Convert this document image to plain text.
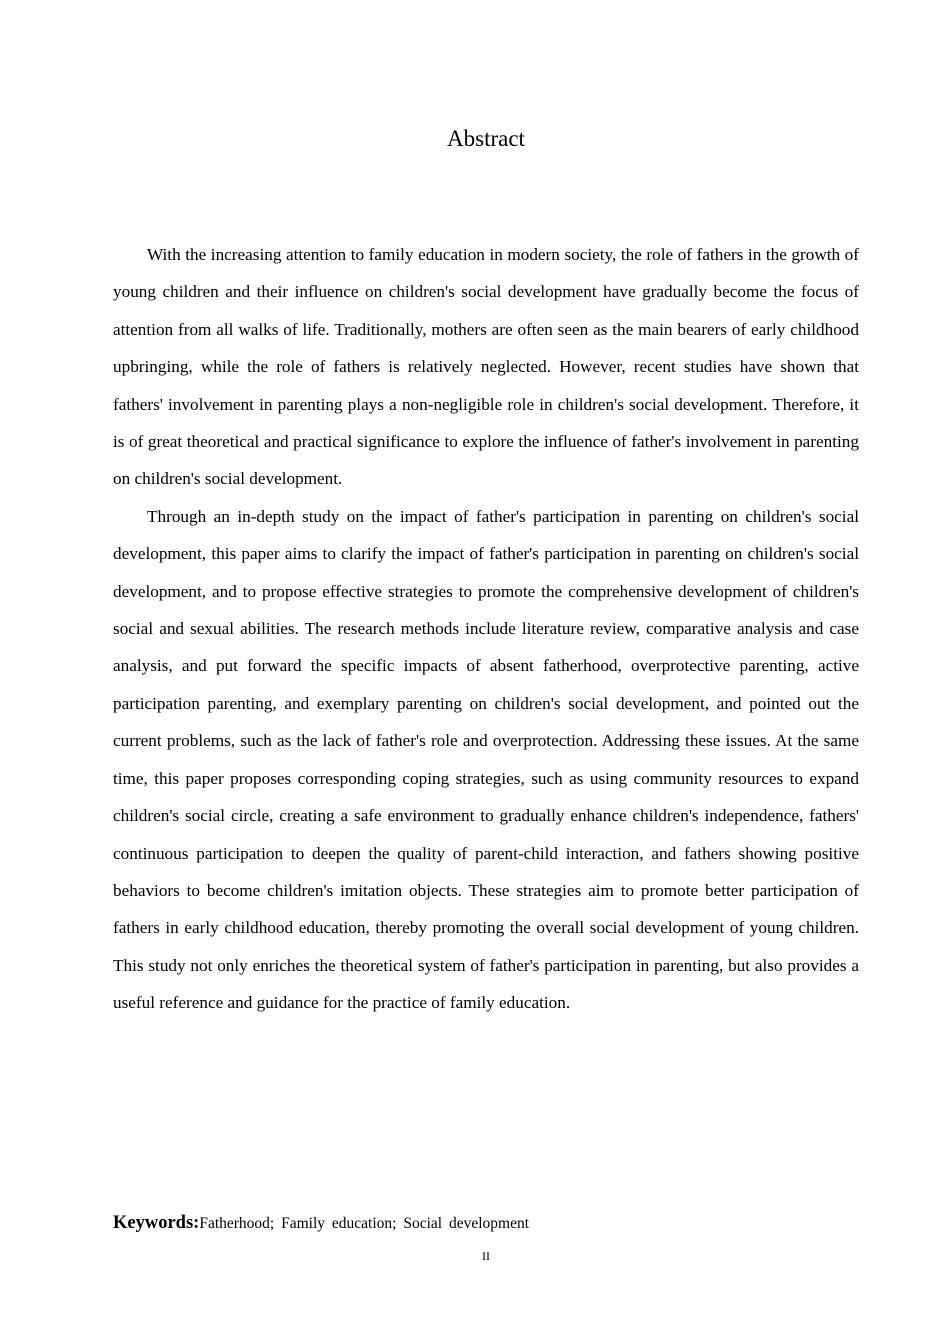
Abstract

With the increasing attention to family education in modern society, the role of fathers in the growth of young children and their influence on children's social development have gradually become the focus of attention from all walks of life. Traditionally, mothers are often seen as the main bearers of early childhood upbringing, while the role of fathers is relatively neglected. However, recent studies have shown that fathers' involvement in parenting plays a non-negligible role in children's social development. Therefore, it is of great theoretical and practical significance to explore the influence of father's involvement in parenting on children's social development.

Through an in-depth study on the impact of father's participation in parenting on children's social development, this paper aims to clarify the impact of father's participation in parenting on children's social development, and to propose effective strategies to promote the comprehensive development of children's social and sexual abilities. The research methods include literature review, comparative analysis and case analysis, and put forward the specific impacts of absent fatherhood, overprotective parenting, active participation parenting, and exemplary parenting on children's social development, and pointed out the current problems, such as the lack of father's role and overprotection. Addressing these issues. At the same time, this paper proposes corresponding coping strategies, such as using community resources to expand children's social circle, creating a safe environment to gradually enhance children's independence, fathers' continuous participation to deepen the quality of parent-child interaction, and fathers showing positive behaviors to become children's imitation objects. These strategies aim to promote better participation of fathers in early childhood education, thereby promoting the overall social development of young children. This study not only enriches the theoretical system of father's participation in parenting, but also provides a useful reference and guidance for the practice of family education.

Keywords:Fatherhood; Family education; Social development
II
